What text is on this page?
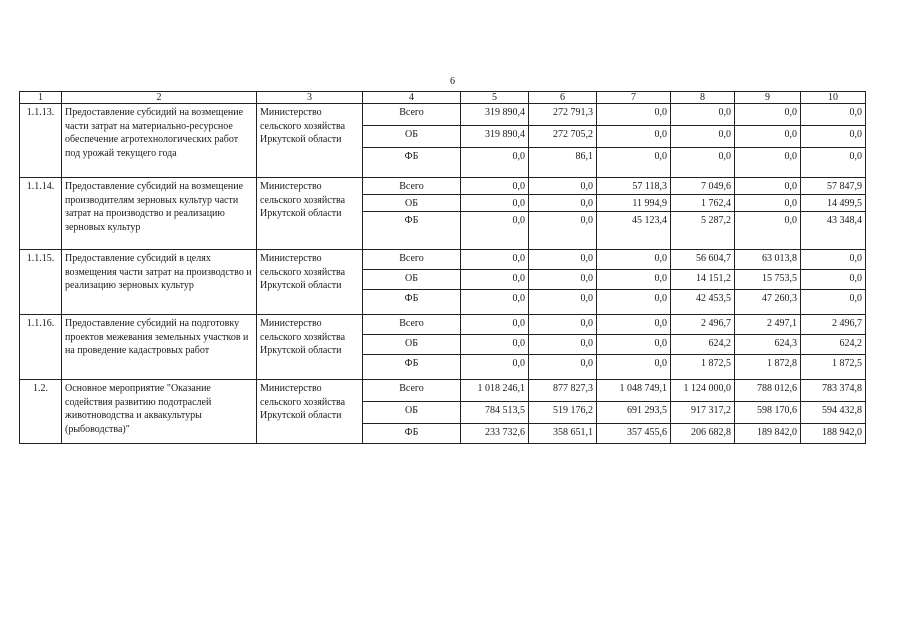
6
1	2	3	4	5	6	7	8	9	10
1.1.13.	Предоставление субсидий на возмещение части затрат на материально-ресурсное обеспечение агротехнологических работ под урожай текущего года	Министерство сельского хозяйства Иркутской области	Всего	319 890,4	272 791,3	0,0	0,0	0,0	0,0
			ОБ	319 890,4	272 705,2	0,0	0,0	0,0	0,0
			ФБ	0,0	86,1	0,0	0,0	0,0	0,0
1.1.14.	Предоставление субсидий на возмещение производителям зерновых культур части затрат на производство и реализацию зерновых культур	Министерство сельского хозяйства Иркутской области	Всего	0,0	0,0	57 118,3	7 049,6	0,0	57 847,9
			ОБ	0,0	0,0	11 994,9	1 762,4	0,0	14 499,5
			ФБ	0,0	0,0	45 123,4	5 287,2	0,0	43 348,4
1.1.15.	Предоставление субсидий в целях возмещения части затрат на производство и реализацию зерновых культур	Министерство сельского хозяйства Иркутской области	Всего	0,0	0,0	0,0	56 604,7	63 013,8	0,0
			ОБ	0,0	0,0	0,0	14 151,2	15 753,5	0,0
			ФБ	0,0	0,0	0,0	42 453,5	47 260,3	0,0
1.1.16.	Предоставление субсидий на подготовку проектов межевания земельных участков и на проведение кадастровых работ	Министерство сельского хозяйства Иркутской области	Всего	0,0	0,0	0,0	2 496,7	2 497,1	2 496,7
			ОБ	0,0	0,0	0,0	624,2	624,3	624,2
			ФБ	0,0	0,0	0,0	1 872,5	1 872,8	1 872,5
1.2.	Основное мероприятие "Оказание содействия развитию подотраслей животноводства и аквакультуры (рыбоводства)"	Министерство сельского хозяйства Иркутской области	Всего	1 018 246,1	877 827,3	1 048 749,1	1 124 000,0	788 012,6	783 374,8
			ОБ	784 513,5	519 176,2	691 293,5	917 317,2	598 170,6	594 432,8
			ФБ	233 732,6	358 651,1	357 455,6	206 682,8	189 842,0	188 942,0
